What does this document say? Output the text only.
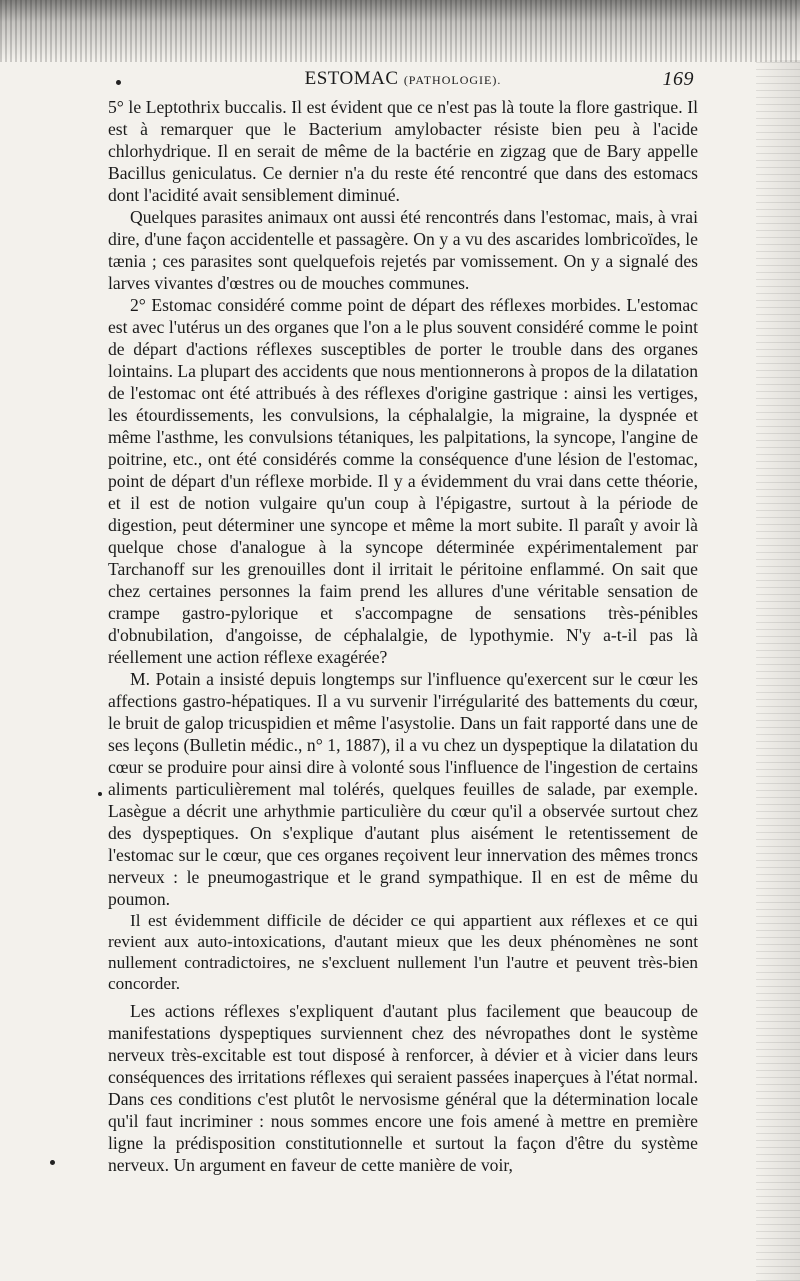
ESTOMAC (PATHOLOGIE).	169

5° le Leptothrix buccalis. Il est évident que ce n'est pas là toute la flore gastrique. Il est à remarquer que le Bacterium amylobacter résiste bien peu à l'acide chlorhydrique. Il en serait de même de la bactérie en zigzag que de Bary appelle Bacillus geniculatus. Ce dernier n'a du reste été rencontré que dans des estomacs dont l'acidité avait sensiblement diminué.

Quelques parasites animaux ont aussi été rencontrés dans l'estomac, mais, à vrai dire, d'une façon accidentelle et passagère. On y a vu des ascarides lombricoïdes, le tænia ; ces parasites sont quelquefois rejetés par vomissement. On y a signalé des larves vivantes d'œstres ou de mouches communes.

2° Estomac considéré comme point de départ des réflexes morbides. L'estomac est avec l'utérus un des organes que l'on a le plus souvent considéré comme le point de départ d'actions réflexes susceptibles de porter le trouble dans des organes lointains. La plupart des accidents que nous mentionnerons à propos de la dilatation de l'estomac ont été attribués à des réflexes d'origine gastrique : ainsi les vertiges, les étourdissements, les convulsions, la céphalalgie, la migraine, la dyspnée et même l'asthme, les convulsions tétaniques, les palpitations, la syncope, l'angine de poitrine, etc., ont été considérés comme la conséquence d'une lésion de l'estomac, point de départ d'un réflexe morbide. Il y a évidemment du vrai dans cette théorie, et il est de notion vulgaire qu'un coup à l'épigastre, surtout à la période de digestion, peut déterminer une syncope et même la mort subite. Il paraît y avoir là quelque chose d'analogue à la syncope déterminée expérimentalement par Tarchanoff sur les grenouilles dont il irritait le péritoine enflammé. On sait que chez certaines personnes la faim prend les allures d'une véritable sensation de crampe gastro-pylorique et s'accompagne de sensations très-pénibles d'obnubilation, d'angoisse, de céphalalgie, de lypothymie. N'y a-t-il pas là réellement une action réflexe exagérée?

M. Potain a insisté depuis longtemps sur l'influence qu'exercent sur le cœur les affections gastro-hépatiques. Il a vu survenir l'irrégularité des battements du cœur, le bruit de galop tricuspidien et même l'asystolie. Dans un fait rapporté dans une de ses leçons (Bulletin médic., n° 1, 1887), il a vu chez un dyspeptique la dilatation du cœur se produire pour ainsi dire à volonté sous l'influence de l'ingestion de certains aliments particulièrement mal tolérés, quelques feuilles de salade, par exemple. Lasègue a décrit une arhythmie particulière du cœur qu'il a observée surtout chez des dyspeptiques. On s'explique d'autant plus aisément le retentissement de l'estomac sur le cœur, que ces organes reçoivent leur innervation des mêmes troncs nerveux : le pneumogastrique et le grand sympathique. Il en est de même du poumon.

Il est évidemment difficile de décider ce qui appartient aux réflexes et ce qui revient aux auto-intoxications, d'autant mieux que les deux phénomènes ne sont nullement contradictoires, ne s'excluent nullement l'un l'autre et peuvent très-bien concorder.

Les actions réflexes s'expliquent d'autant plus facilement que beaucoup de manifestations dyspeptiques surviennent chez des névropathes dont le système nerveux très-excitable est tout disposé à renforcer, à dévier et à vicier dans leurs conséquences des irritations réflexes qui seraient passées inaperçues à l'état normal. Dans ces conditions c'est plutôt le nervosisme général que la détermination locale qu'il faut incriminer : nous sommes encore une fois amené à mettre en première ligne la prédisposition constitutionnelle et surtout la façon d'être du système nerveux. Un argument en faveur de cette manière de voir,
